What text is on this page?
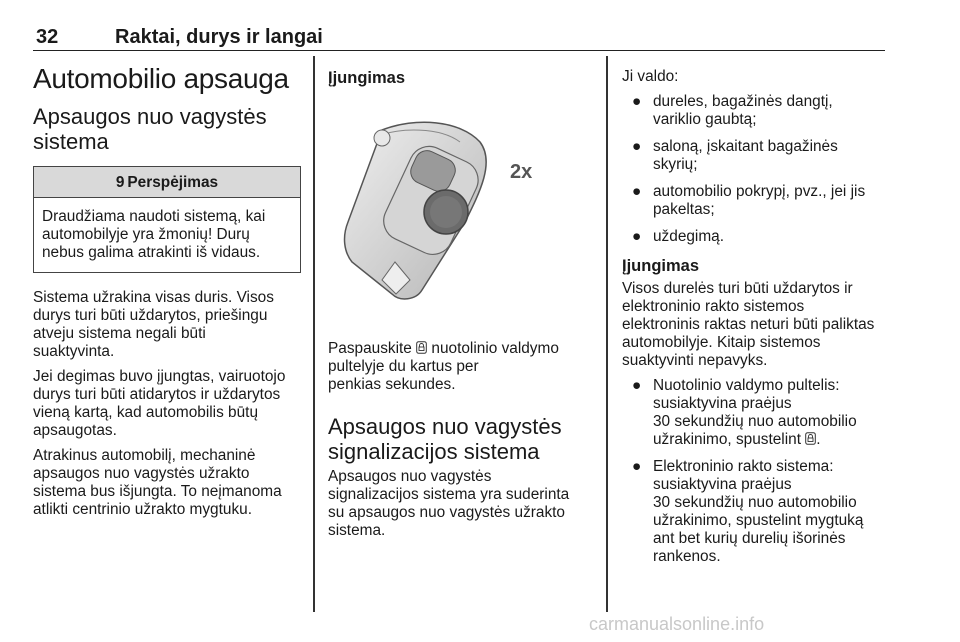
32	Raktai, durys ir langai
Automobilio apsauga
Apsaugos nuo vagystės
sistema
9 Perspėjimas
Draudžiama naudoti sistemą, kai
automobilyje yra žmonių! Durų
nebus galima atrakinti iš vidaus.

Sistema užrakina visas duris. Visos
durys turi būti uždarytos, priešingu
atveju sistema negali būti
suaktyvinta.

Jei degimas buvo įjungtas, vairuotojo
durys turi būti atidarytos ir uždarytos
vieną kartą, kad automobilis būtų
apsaugotas.

Atrakinus automobilį, mechaninė
apsaugos nuo vagystės užrakto
sistema bus išjungta. To neįmanoma
atlikti centrinio užrakto mygtuku.

Įjungimas
2x

Paspauskite  nuotolinio valdymo
pultelyje du kartus per
penkias sekundes.

Apsaugos nuo vagystės
signalizacijos sistema

Apsaugos nuo vagystės
signalizacijos sistema yra suderinta
su apsaugos nuo vagystės užrakto
sistema.

Ji valdo:

● dureles, bagažinės dangtį,
variklio gaubtą;
● saloną, įskaitant bagažinės
skyrių;
● automobilio pokrypį, pvz., jei jis
pakeltas;
● uždegimą.
Įjungimas

Visos durelės turi būti uždarytos ir
elektroninio rakto sistemos
elektroninis raktas neturi būti paliktas
automobilyje. Kitaip sistemos
suaktyvinti nepavyks.

● Nuotolinio valdymo pultelis:
susiaktyvina praėjus
30 sekundžių nuo automobilio
užrakinimo, spustelint .
● Elektroninio rakto sistema:
susiaktyvina praėjus
30 sekundžių nuo automobilio
užrakinimo, spustelint mygtuką
ant bet kurių durelių išorinės
rankenos.
carmanualsonline.info
